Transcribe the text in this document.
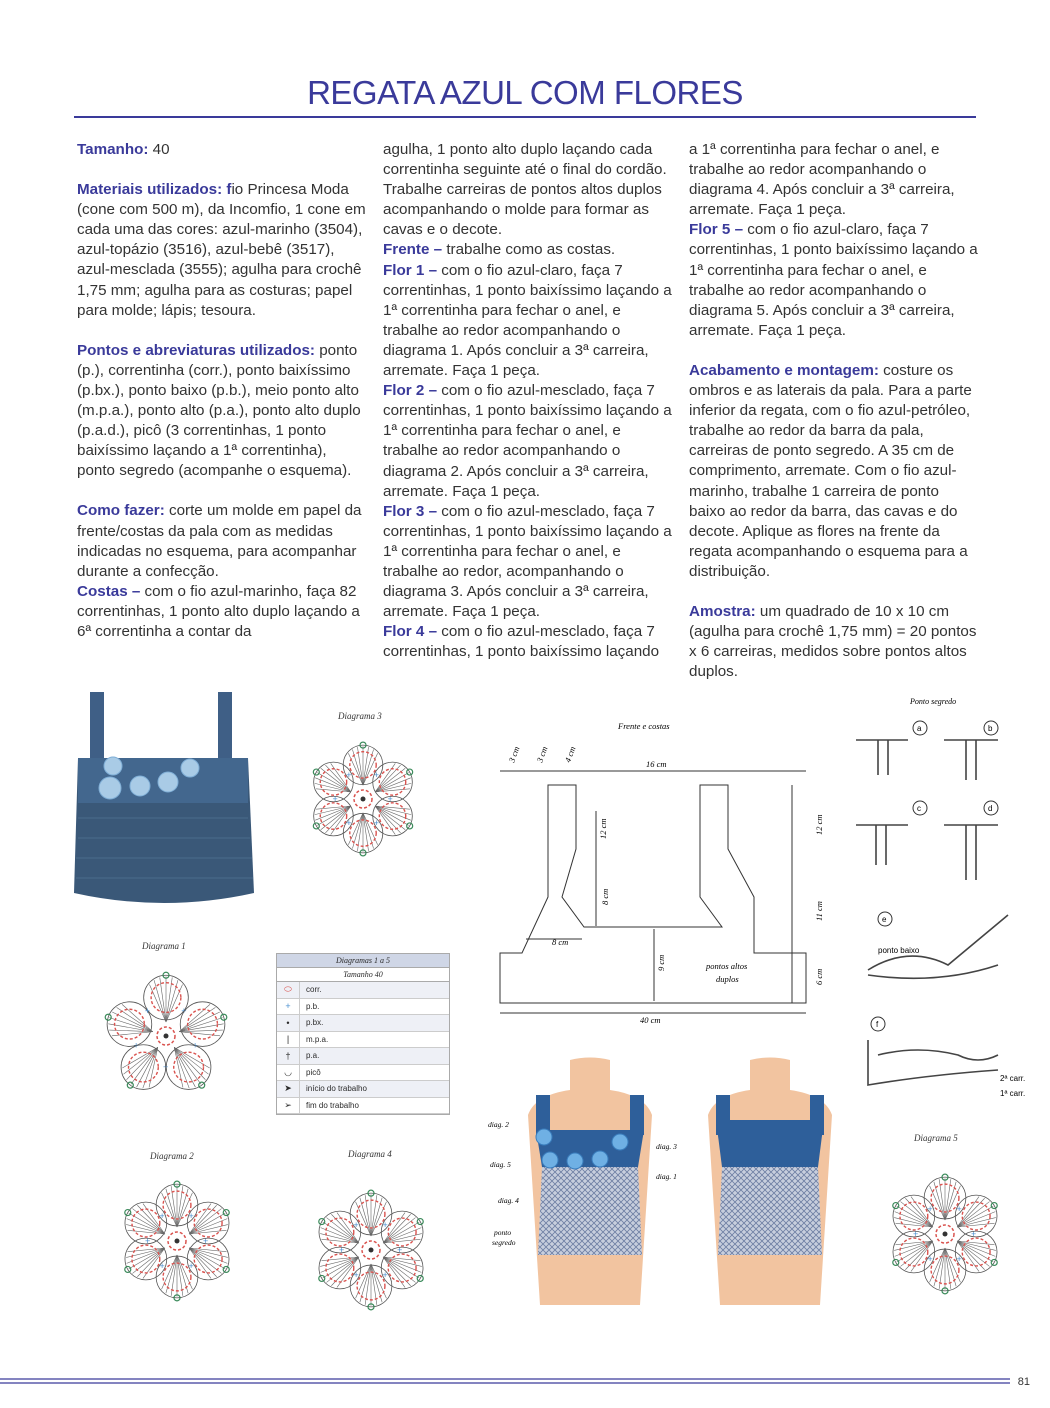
REGATA AZUL COM FLORES

Tamanho: 40

Materiais utilizados: fio Princesa Moda (cone com 500 m), da Incomfio, 1 cone em cada uma das cores: azul-marinho (3504), azul-topázio (3516), azul-bebê (3517), azul-mesclada (3555); agulha para crochê 1,75 mm; agulha para as costuras; papel para molde; lápis; tesoura.

Pontos e abreviaturas utilizados: ponto (p.), correntinha (corr.), ponto baixíssimo (p.bx.), ponto baixo (p.b.), meio ponto alto (m.p.a.), ponto alto (p.a.), ponto alto duplo (p.a.d.), picô (3 correntinhas, 1 ponto baixíssimo laçando a 1ª correntinha), ponto segredo (acompanhe o esquema).

Como fazer: corte um molde em papel da frente/costas da pala com as medidas indicadas no esquema, para acompanhar durante a confecção.

Costas – com o fio azul-marinho, faça 82 correntinhas, 1 ponto alto duplo laçando a 6ª correntinha a contar da

agulha, 1 ponto alto duplo laçando cada correntinha seguinte até o final do cordão. Trabalhe carreiras de pontos altos duplos acompanhando o molde para formar as cavas e o decote.

Frente – trabalhe como as costas.

Flor 1 – com o fio azul-claro, faça 7 correntinhas, 1 ponto baixíssimo laçando a 1ª correntinha para fechar o anel, e trabalhe ao redor acompanhando o diagrama 1. Após concluir a 3ª carreira, arremate. Faça 1 peça.

Flor 2 – com o fio azul-mesclado, faça 7 correntinhas, 1 ponto baixíssimo laçando a 1ª correntinha para fechar o anel, e trabalhe ao redor acompanhando o diagrama 2. Após concluir a 3ª carreira, arremate. Faça 1 peça.

Flor 3 – com o fio azul-mesclado, faça 7 correntinhas, 1 ponto baixíssimo laçando a 1ª correntinha para fechar o anel, e trabalhe ao redor, acompanhando o diagrama 3. Após concluir a 3ª carreira, arremate. Faça 1 peça.

Flor 4 – com o fio azul-mesclado, faça 7 correntinhas, 1 ponto baixíssimo laçando

a 1ª correntinha para fechar o anel, e trabalhe ao redor acompanhando o diagrama 4. Após concluir a 3ª carreira, arremate. Faça 1 peça.

Flor 5 – com o fio azul-claro, faça 7 correntinhas, 1 ponto baixíssimo laçando a 1ª correntinha para fechar o anel, e trabalhe ao redor acompanhando o diagrama 5. Após concluir a 3ª carreira, arremate. Faça 1 peça.

Acabamento e montagem: costure os ombros e as laterais da pala. Para a parte inferior da regata, com o fio azul-petróleo, trabalhe ao redor da barra da pala, carreiras de ponto segredo. A 35 cm de comprimento, arremate. Com o fio azul-marinho, trabalhe 1 carreira de ponto baixo ao redor da barra, das cavas e do decote. Aplique as flores na frente da regata acompanhando o esquema para a distribuição.

Amostra: um quadrado de 10 x 10 cm (agulha para crochê 1,75 mm) = 20 pontos x 6 carreiras, medidos sobre pontos altos duplos.

Diagrama 3
+
+
+
+
+
+
Diagrama 1
+
+
+
+
+
Diagrama 2
+
+
+
+
+
+
Diagrama 4
+
+
+
+
+
+
Diagrama 5
+
+
+
+
+
+
Diagramas 1 a 5
Tamanho 40
⬭	corr.
+	p.b.
•	p.bx.
|	m.p.a.
†	p.a.
◡	picô
➤	início do trabalho
➢	fim do trabalho
Frente e costas
3 cm 3 cm 4 cm
16 cm
12 cm
8 cm
8 cm
9 cm
12 cm
11 cm
6 cm
40 cm
pontos altos
duplos
diag. 2
diag. 5
diag. 4
diag. 3
diag. 1
ponto
segredo
Ponto segredo
a	b
c	d
e
f
ponto baixo
2ª carr.
1ª carr.
81
